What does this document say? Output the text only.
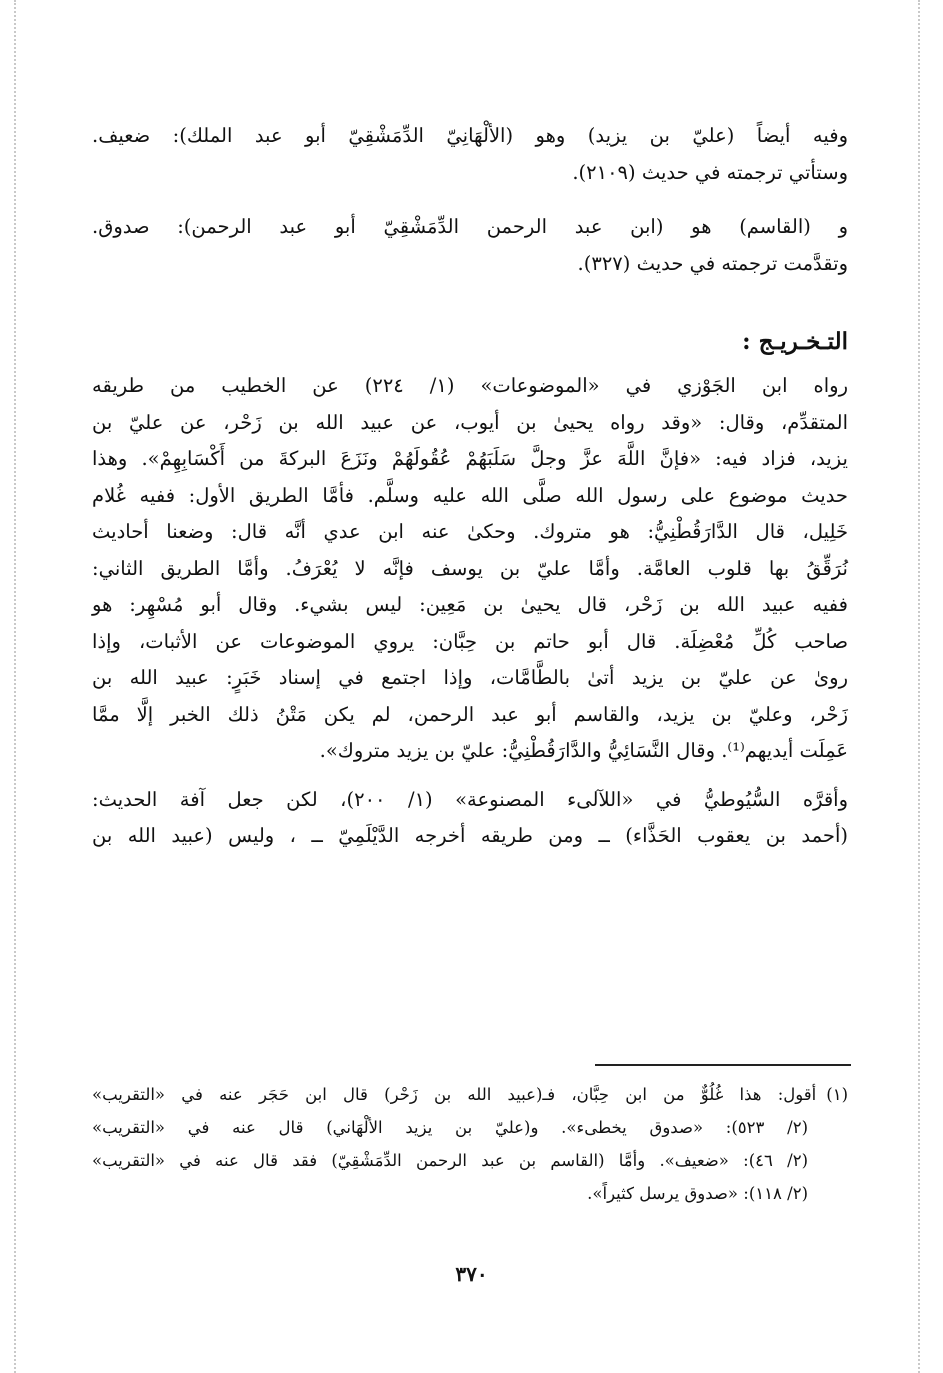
وفيه أيضاً (عليّ بن يزيد) وهو (الألْهَانِيّ الدِّمَشْقِيّ أبو عبد الملك): ضعيف.
وستأتي ترجمته في حديث (٢١٠٩).

و (القاسم) هو (ابن عبد الرحمن الدِّمَشْقِيّ أبو عبد الرحمن): صدوق.
وتقدَّمت ترجمته في حديث (٣٢٧).

التـخـريـج :

رواه ابن الجَوْزي في «الموضوعات» (١/ ٢٢٤) عن الخطيب من طريقه
المتقدِّم، وقال: «وقد رواه يحيىٰ بن أيوب، عن عبيد الله بن زَحْر، عن عليّ بن
يزيد، فزاد فيه: «فإنَّ اللَّهَ عزَّ وجلَّ سَلَبَهُمْ عُقُولَهُمْ ونَزَعَ البركةَ من أَكْسَابِهِمْ». وهذا
حديث موضوع على رسول الله صلَّى الله عليه وسلَّم. فأمَّا الطريق الأول: ففيه غُلام
خَلِيل، قال الدَّارَقُطْنِيُّ: هو متروك. وحكىٰ عنه ابن عدي أنَّه قال: وضعنا أحاديث
نُرَقِّقُ بها قلوب العامَّة. وأمَّا عليّ بن يوسف فإنَّه لا يُعْرَفُ. وأمَّا الطريق الثاني:
ففيه عبيد الله بن زَحْر، قال يحيىٰ بن مَعِين: ليس بشيء. وقال أبو مُسْهِر: هو
صاحب كُلِّ مُعْضِلَة. قال أبو حاتم بن حِبَّان: يروي الموضوعات عن الأثبات، وإذا
روىٰ عن عليّ بن يزيد أتىٰ بالطَّامَّات، وإذا اجتمع في إسناد خَبَرٍ: عبيد الله بن
زَحْر، وعليّ بن يزيد، والقاسم أبو عبد الرحمن، لم يكن مَتْنُ ذلك الخبر إلَّا ممَّا
عَمِلَت أيديهم⁽¹⁾. وقال النَّسَائِيُّ والدَّارَقُطْنِيُّ: عليّ بن يزيد متروك».

وأقرَّه السُّيُوطيُّ في «اللآلىء المصنوعة» (١/ ٢٠٠)، لكن جعل آفة الحديث:
(أحمد بن يعقوب الحَذَّاء) ــ ومن طريقه أخرجه الدَّيْلَمِيّ ــ ، وليس (عبيد الله بن

(١)أقول: هذا غُلُوٌّ من ابن حِبَّان، فـ(عبيد الله بن زَحْر) قال ابن حَجَر عنه في «التقريب»
(٢/ ٥٢٣): «صدوق يخطىء». و(عليّ بن يزيد الألْهَاني) قال عنه في «التقريب»
(٢/ ٤٦): «ضعيف». وأمَّا (القاسم بن عبد الرحمن الدِّمَشْقِيّ) فقد قال عنه في «التقريب»
(٢/ ١١٨): «صدوق يرسل كثيراً».
٣٧٠
